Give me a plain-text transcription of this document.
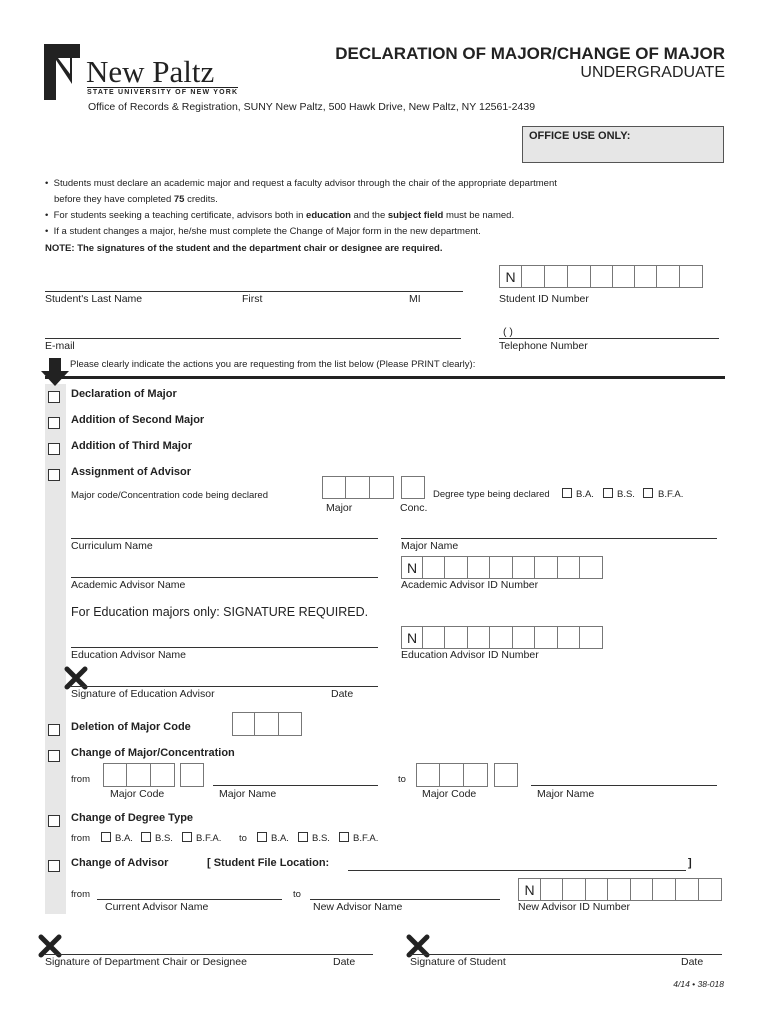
New Paltz
STATE UNIVERSITY OF NEW YORK
DECLARATION OF MAJOR/CHANGE OF MAJOR
UNDERGRADUATE
Office of Records & Registration, SUNY New Paltz, 500 Hawk Drive, New Paltz, NY 12561-2439
OFFICE USE ONLY:
•  Students must declare an academic major and request a faculty advisor through the chair of the appropriate department
before they have completed 75 credits.
•  For students seeking a teaching certificate, advisors both in education and the subject field must be named.
•  If a student changes a major, he/she must complete the Change of Major form in the new department.
NOTE: The signatures of the student and the department chair or designee are required.
Student's Last Name	First	MI
N
Student ID Number
E-mail
( )
Telephone Number
Please clearly indicate the actions you are requesting from the list below (Please PRINT clearly):
Declaration of Major
Addition of Second Major
Addition of Third Major
Assignment of Advisor
Major code/Concentration code being declared
Major	Conc.
Degree type being declared	B.A. B.S. B.F.A.
Curriculum Name	Major Name
Academic Advisor Name
N
Academic Advisor ID Number
For Education majors only: SIGNATURE REQUIRED.
Education Advisor Name
N
Education Advisor ID Number
Signature of Education Advisor	Date
Deletion of Major Code
Change of Major/Concentration
from
Major Code	Major Name
to
Major Code	Major Name
Change of Degree Type
from	B.A. B.S. B.F.A. to	B.A. B.S. B.F.A.
Change of Advisor	[ Student File Location:	]
from
Current Advisor Name
to
New Advisor Name
N
New Advisor ID Number
Signature of Department Chair or Designee	Date	Signature of Student	Date
4/14 • 38-018
